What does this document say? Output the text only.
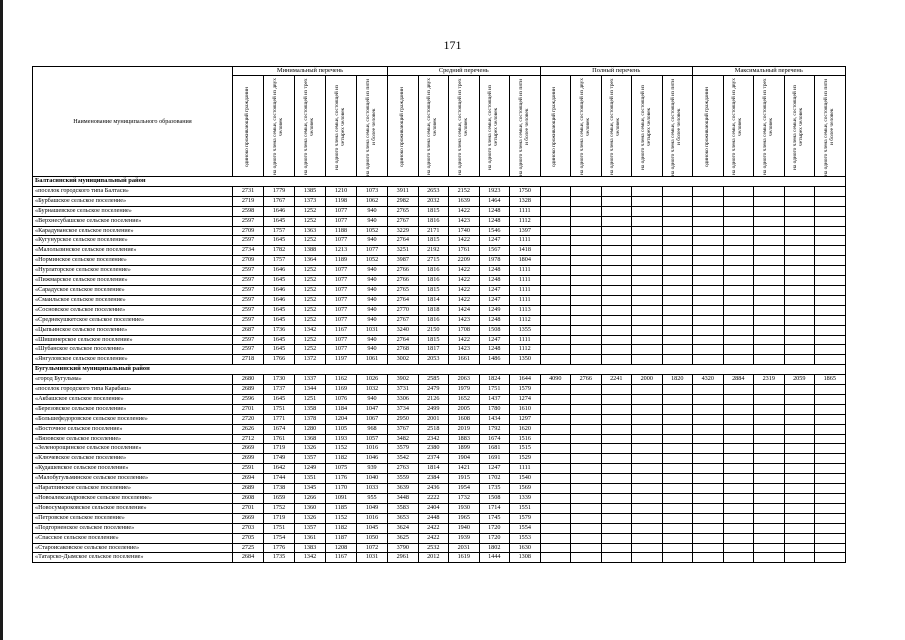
171
Наименование муниципального образования	Минимальный перечень					Средний перечень					Полный перечень					Максимальный перечень				

	одиноко проживающий гражданин	на одного члена семьи, состоящей из двух человек	на одного члена семьи, состоящей из трех человек	на одного члена семьи, состоящей из четырех человек	на одного члена семьи, состоящей из пяти и более человек	одиноко проживающий гражданин	на одного члена семьи, состоящей из двух человек	на одного члена семьи, состоящей из трех человек	на одного члена семьи, состоящей из четырех человек	на одного члена семьи, состоящей из пяти и более человек	одиноко проживающий гражданин	на одного члена семьи, состоящей из двух человек	на одного члена семьи, состоящей из трех человек	на одного члена семьи, состоящей из четырех человек	на одного члена семьи, состоящей из пяти и более человек	одиноко проживающий гражданин	на одного члена семьи, состоящей из двух человек	на одного члена семьи, состоящей из трех человек	на одного члена семьи, состоящей из четырех человек	на одного члена семьи, состоящей из пяти и более человек

Балтасинский муниципальный район																				
«поселок городского типа Балтаси»	2731	1779	1385	1210	1073	3911	2653	2152	1923	1750										
«Бурбашское сельское поселение»	2719	1767	1373	1198	1062	2982	2032	1639	1464	1328										
«Бурнашевское сельское поселение»	2598	1646	1252	1077	940	2765	1815	1422	1248	1111										
«Верхнесубашское сельское поселение»	2597	1645	1252	1077	940	2767	1816	1423	1248	1112										
«Карадуванское сельское поселение»	2709	1757	1363	1188	1052	3229	2171	1740	1546	1397										
«Кугунурское сельское поселение»	2597	1645	1252	1077	940	2764	1815	1422	1247	1111										
«Малолызинское сельское поселение»	2734	1782	1388	1213	1077	3251	2192	1761	1567	1418										
«Норминское сельское поселение»	2709	1757	1364	1189	1052	3987	2715	2209	1978	1804										
«Нурлаторское сельское поселение»	2597	1646	1252	1077	940	2766	1816	1422	1248	1111										
«Пижмарское сельское поселение»	2597	1645	1252	1077	940	2766	1816	1422	1248	1111										
«Сарадуское сельское поселение»	2597	1646	1252	1077	940	2765	1815	1422	1247	1111										
«Смаильское сельское поселение»	2597	1646	1252	1077	940	2764	1814	1422	1247	1111										
«Сосновское сельское поселение»	2597	1645	1252	1077	940	2770	1818	1424	1249	1113										
«Среднекушкетское сельское поселение»	2597	1645	1252	1077	940	2767	1816	1423	1248	1112										
«Цыпьинское сельское поселение»	2687	1736	1342	1167	1031	3240	2150	1708	1508	1355										
«Шишинерское сельское поселение»	2597	1645	1252	1077	940	2764	1815	1422	1247	1111										
«Шубанское сельское поселение»	2597	1645	1252	1077	940	2768	1817	1423	1248	1112										
«Янгуловское сельское поселение»	2718	1766	1372	1197	1061	3002	2053	1661	1486	1350										
Бугульминский муниципальный район																				
«город Бугульма»	2680	1730	1337	1162	1026	3902	2585	2063	1824	1644	4090	2766	2241	2000	1820	4320	2884	2319	2059	1865
«поселок городского типа Карабаш»	2689	1737	1344	1169	1032	3731	2479	1979	1751	1579										
«Акбашское сельское поселение»	2596	1645	1251	1076	940	3306	2126	1652	1437	1274										
«Березовское сельское поселение»	2701	1751	1358	1184	1047	3734	2499	2005	1780	1610										
«Большефедоровское сельское поселение»	2720	1771	1378	1204	1067	2950	2001	1608	1434	1297										
«Восточное сельское поселение»	2626	1674	1280	1105	968	3767	2518	2019	1792	1620										
«Вязовское сельское поселение»	2712	1761	1368	1193	1057	3482	2342	1883	1674	1516										
«Зеленорощинское сельское поселение»	2669	1719	1326	1152	1016	3579	2380	1899	1681	1515										
«Ключевское сельское поселение»	2699	1749	1357	1182	1046	3542	2374	1904	1691	1529										
«Кудашевское сельское поселение»	2591	1642	1249	1075	939	2763	1814	1421	1247	1111										
«Малобугульминское сельское поселение»	2694	1744	1351	1176	1040	3559	2384	1915	1702	1540										
«Наратлинское сельское поселение»	2689	1738	1345	1170	1033	3639	2436	1954	1735	1569										
«Новоалександровское сельское поселение»	2608	1659	1266	1091	955	3448	2222	1732	1508	1339										
«Новосумароковское сельское поселение»	2701	1752	1360	1185	1049	3583	2404	1930	1714	1551										
«Петровское сельское поселение»	2669	1719	1326	1152	1016	3653	2448	1965	1745	1579										
«Подгорненское сельское поселение»	2703	1751	1357	1182	1045	3624	2422	1940	1720	1554										
«Спасское сельское поселение»	2705	1754	1361	1187	1050	3625	2422	1939	1720	1553										
«Староисаковское сельское поселение»	2725	1776	1383	1208	1072	3790	2532	2031	1802	1630										
«Татарско-Дымское сельское поселение»	2684	1735	1342	1167	1031	2961	2012	1619	1444	1308										
